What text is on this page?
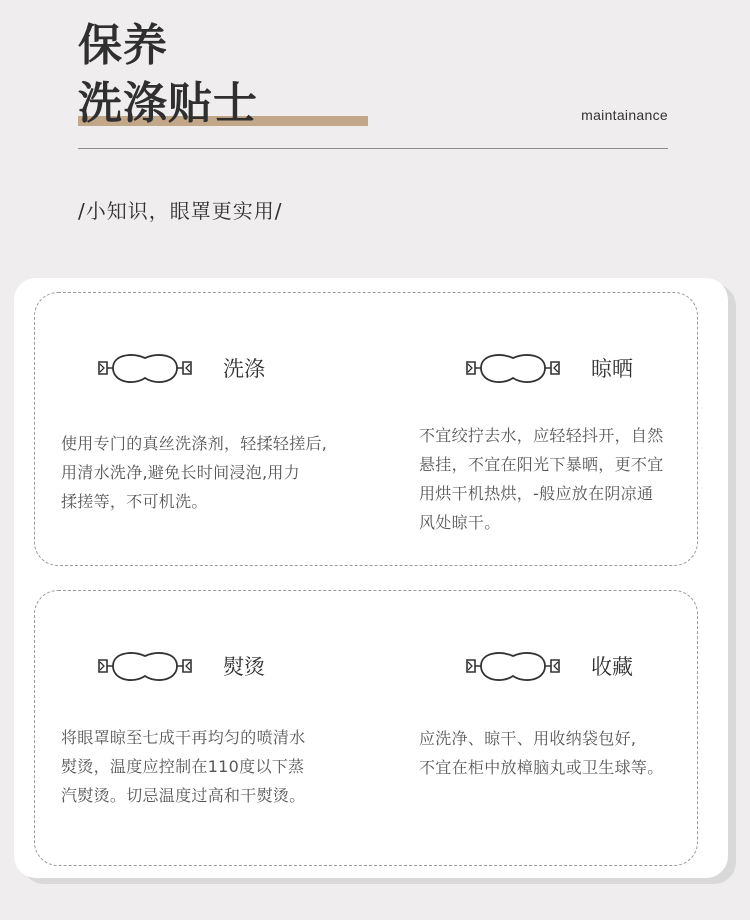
保养
洗涤贴士	maintainance
/小知识，眼罩更实用/
洗涤
使用专门的真丝洗涤剂，轻揉轻搓后,
用清水洗净,避免长时间浸泡,用力
揉搓等，不可机洗。
晾晒
不宜绞拧去水，应轻轻抖开，自然
悬挂，不宜在阳光下暴晒，更不宜
用烘干机热烘，-般应放在阴凉通
风处晾干。
熨烫
将眼罩晾至七成干再均匀的喷清水
熨烫，温度应控制在110度以下蒸
汽熨烫。切忌温度过高和干熨烫。
收藏
应洗净、晾干、用收纳袋包好,
不宜在柜中放樟脑丸或卫生球等。
